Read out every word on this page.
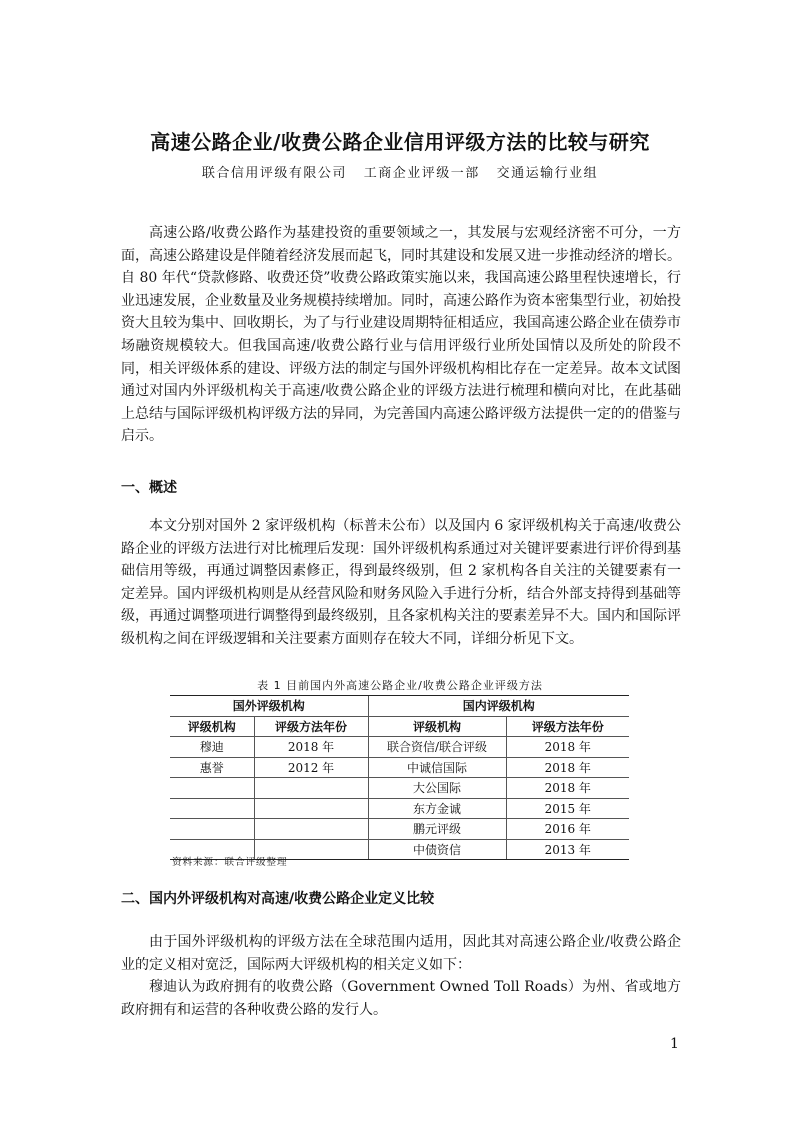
高速公路企业/收费公路企业信用评级方法的比较与研究
联合信用评级有限公司   工商企业评级一部   交通运输行业组

高速公路/收费公路作为基建投资的重要领域之一，其发展与宏观经济密不可分，一方面，高速公路建设是伴随着经济发展而起飞，同时其建设和发展又进一步推动经济的增长。自 80 年代“贷款修路、收费还贷”收费公路政策实施以来，我国高速公路里程快速增长，行业迅速发展，企业数量及业务规模持续增加。同时，高速公路作为资本密集型行业，初始投资大且较为集中、回收期长，为了与行业建设周期特征相适应，我国高速公路企业在债券市场融资规模较大。但我国高速/收费公路行业与信用评级行业所处国情以及所处的阶段不同，相关评级体系的建设、评级方法的制定与国外评级机构相比存在一定差异。故本文试图通过对国内外评级机构关于高速/收费公路企业的评级方法进行梳理和横向对比，在此基础上总结与国际评级机构评级方法的异同，为完善国内高速公路评级方法提供一定的的借鉴与启示。

一、概述

本文分别对国外 2 家评级机构（标普未公布）以及国内 6 家评级机构关于高速/收费公路企业的评级方法进行对比梳理后发现：国外评级机构系通过对关键评要素进行评价得到基础信用等级，再通过调整因素修正，得到最终级别，但 2 家机构各自关注的关键要素有一定差异。国内评级机构则是从经营风险和财务风险入手进行分析，结合外部支持得到基础等级，再通过调整项进行调整得到最终级别，且各家机构关注的要素差异不大。国内和国际评级机构之间在评级逻辑和关注要素方面则存在较大不同，详细分析见下文。

表 1 目前国内外高速公路企业/收费公路企业评级方法
国外评级机构		国内评级机构	
评级机构	评级方法年份	评级机构	评级方法年份
穆迪	2018 年	联合资信/联合评级	2018 年
惠誉	2012 年	中诚信国际	2018 年
		大公国际	2018 年
		东方金诚	2015 年
		鹏元评级	2016 年
		中债资信	2013 年
资料来源：联合评级整理
二、国内外评级机构对高速/收费公路企业定义比较

由于国外评级机构的评级方法在全球范围内适用，因此其对高速公路企业/收费公路企业的定义相对宽泛，国际两大评级机构的相关定义如下：

穆迪认为政府拥有的收费公路（Government Owned Toll Roads）为州、省或地方政府拥有和运营的各种收费公路的发行人。

1
